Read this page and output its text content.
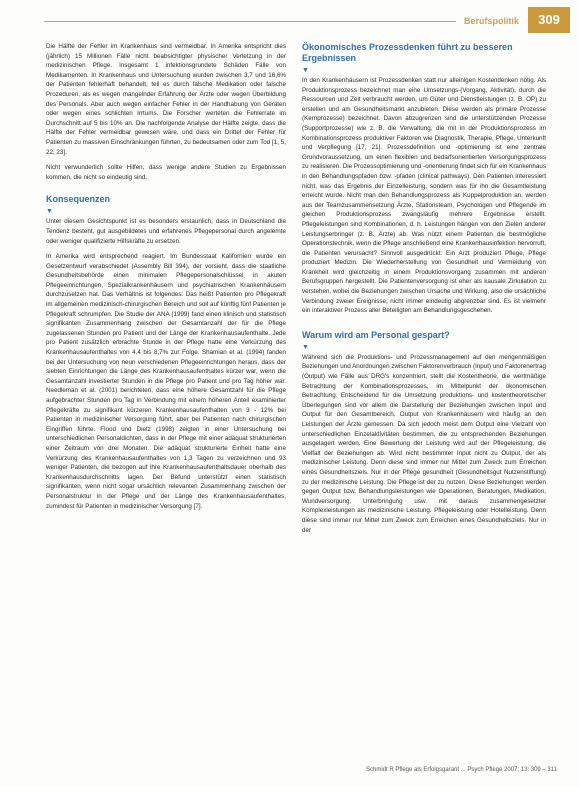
Berufspolitik	309

Die Hälfte der Fehler im Krankenhaus sind vermeidbar. In Amerika entspricht dies (jährlich) 15 Millionen Fälle nicht beabsichtigter physischer Verletzung in der medizinischen Pflege. Insgesamt 1 infektionsgrundete Schäden Fälle von Medikamenten. In Krankenhaus und Untersuchung wurden zwischen 3,7 und 16,6% der Patienten fehlerhaft behandelt, teil es durch falsche Medikation oder falsche Prozeduren, als es wegen mangelnder Erfahrung der Ärzte oder wegen Überbildung des Personals. Aber auch wegen einfacher Fehler in der Handhabung von Geräten oder wegen eines schlichten Irrtums. Die Forscher werteten die Fehlerrate im Durchschnitt auf 5 bis 10% an. Die nachfolgende Analyse der Hälfte zeigte, dass die Hälfte der Fehler vermeidbar gewesen wäre, und dass ein Drittel der Fehler für Patienten zu massiven Einschränkungen führten, zu bedeutsamen oder zum Tod [1, 5, 22, 23].

Nicht verwunderlich sollte Hilfen, dass wenige andere Studien zu Ergebnissen kommen, die nicht so eindeutig sind.

Konsequenzen
▼

Unter diesem Gesichtspunkt ist es besonders erstaunlich, dass in Deutschland die Tendenz besteht, gut ausgebildetes und erfahrenes Pflegepersonal durch angelernte oder weniger qualifizierte Hilfskräfte zu ersetzen.

In Amerika wird entsprechend reagiert. Im Bundesstaat Kalifornien wurde ein Gesetzentwurf verabschiedet (Assembly Bill 394), der vorsieht, dass die staatliche Gesundheitsbehörde einen minimalen Pflegepersonalschlüssel in akuten Pflegeeinrichtungen, Spezialkrankenhäusern und psychiatrischen Krankenhäusern durchzusetzen hat. Das Verhältnis ist folgendes: Das heißt Patienten pro Pflegekraft im allgemeinen medizinisch-chirurgischen Bereich und soll auf künftig fünf Patienten je Pflegekraft schrumpfen. Die Studie der ANA (1999) fand einen klinisch und statistisch signifikanten Zusammenhang zwischen der Gesamtanzahl der für die Pflege zugelassenen Stunden pro Patient und der Länge der Krankenhausaufenthalte. Jede pro Patient zusätzlich erbrachte Stunde in der Pflege hatte eine Verkürzung des Krankenhausaufenthaltes von 4,4 bis 8,7% zur Folge. Shamian et al. (1994) fanden bei der Untersuchung von neun verschiedenen Pflegeeinrichtungen heraus, dass der siebten Einrichtungen die Länge des Krankenhausaufenthaltes kürzer war, wenn die Gesamtanzahl investierter Stunden in die Pflege pro Patient und pro Tag höher war. Needleman et al. (2001) berichteten, dass eine höhere Gesamtzahl für die Pflege aufgebrachter Stunden pro Tag in Verbindung mit einem höheren Anteil examinierter Pflegekräfte zu signifikant kürzeren Krankenhausaufenthalten von 3 - 12% bei Patienten in medizinischer Versorgung führt, aber bei Patienten nach chirurgischen Eingriffen führte. Flood und Dietz (1998) zeigten in einer Untersuchung bei unterschiedlichen Personaldichten, dass in der Pflege mit einer adäquat strukturierten einer Zeitraum von drei Monaten. Die adäquat strukturierte Einheit hatte eine Verkürzung des Krankenhausaufenthaltes von 1,3 Tagen zu verzeichnen und 93 weniger Patienten, die bezogen auf ihre Krankenhausaufenthaltsdauer oberhalb des Krankenhausdurchschnitts lagen. Der Befund unterstützt einen statistisch signifikanten, wenn nicht sogar ursächlich relevanten Zusammenhang zwischen der Personalstruktur in der Pflege und der Länge des Krankenhausaufenthaltes, zumindest für Patienten in medizinischer Versorgung [7].

Ökonomisches Prozessdenken führt zu besseren Ergebnissen
▼

In den Krankenhäusern ist Prozessdenken statt nur alleinigen Kostendenken nötig. Als Produktionsprozess bezeichnet man eine Umsetzungs-(Vorgang, Aktivität), durch die Ressourcen und Zeit verbraucht werden, um Güter und Dienstleistungen (z. B. OP) zu erstellen und am Gesundheitsmarkt anzubieten. Diese werden als primäre Prozesse (Kernprozesse) bezeichnet. Davon abzugrenzen sind die unterstützenden Prozesse (Supportprozesse) wie z. B. die Verwaltung, die mit in der Produktionsprozess im Kombinationsprozess produktiver Faktoren wie Diagnostik, Therapie, Pflege, Unterkunft und Verpflegung [17, 21]. Prozessdefinition und -optimierung ist eine zentrale Grundvoraussetzung, um einen flexiblen und bedarfsorientierten Versorgungsprozess zu realisieren. Die Prozessoptimierung und -orientierung findet sich für ein Krankenhaus in den Behandlungspfaden bzw. -pfaden (clinical pathways). Den Patienten interessiert nicht, was das Ergebnis der Einzelleistung, sondern was für ihn die Gesamtleistung erreicht wurde. Nicht man den Behandlungsprozess als Kuppelproduktion an, werden aus der Teamzusammensetzung Ärzte, Stationsteam, Psychologen und Pflegende im gleichen Produktionsprozess zwangsläufig mehrere Ergebnisse erstellt. Pflegeleistungen sind Kombinationen, d. h. Leistungen hängen von den Zielen anderer Leistungserbringer (z. B. Ärzte) ab. Was nützt einem Patienten die bestmögliche Operationstechnik, wenn die Pflege anschließend eine Krankenhausinfektion hervorruft, die Patienten verursacht? Sinnvoll ausgedrückt: Ein Arzt produziert Pflege, Pflege produziert Medizin. Die Wiederherstellung von Gesundheit und Vermeidung von Krankheit wird gleichzeitig in einem Produktionsvorgang zusammen mit anderen Berufsgruppen hergestellt. Die Patientenversorgung ist eher als kausale Zirkulation zu verstehen, wobei die Beziehungen zwischen Ursache und Wirkung, also die ursächliche Verbindung zweier Ereignisse, nicht immer eindeutig abgrenzbar sind. Es ist vielmehr ein interaktiver Prozess aller Beteiligten am Behandlungsgeschehen.

Warum wird am Personal gespart?
▼

Während sich die Produktions- und Prozessmanagement auf den mengenmäßigen Beziehungen und Anordnungen zwischen Faktorenverbrauch (Input) und Faktorenertrag (Output) wie Fälle aus DRG's konzentriert, stellt die Kostentheorie, die wertmäßige Betrachtung der Kombinationsprozesses, im Mittelpunkt der ökonomischen Betrachtung. Entscheidend für die Umsetzung produktions- und kostentheoretischer Überlegungen sind vor allem die Darstellung der Beziehungen zwischen Input und Output für den Gesamtbereich, Output von Krankenhäusern wird häufig an den Leistungen der Ärzte gemessen. Da sich jedoch meist dem Output eine Vielzahl von unterschiedlichen Einzelaktivitäten bestimmen, die zu entsprechenden Beziehungen ausgelagert werden. Eine Bewertung der Leistung wird auf der Pflegeleistung, die Vielfalt der Beziehungen ab. Wird nicht bestimmter Input nicht zu Output, der als medizinischer Leistung. Denn diese sind immer nur Mittel zum Zweck zum Erreichen eines Gesundheitsziels. Nur in der Pflege gesundheit (Gesundheitsgut Nutzenstiftung) zu der medizinische Leistung. Die Pflege ist der zu nutzen. Diese Beziehungen werden gegen Output bzw. Behandlungsleistungen wie Operationen, Beratungen, Medikation, Wundversorgung, Unterbringung usw. mit daraus zusammengesetzter Komplexleistungen als medizinische Leistung. Pflegeleistung oder Hotelleistung. Denn diese sind immer nur Mittel zum Zweck zum Erreichen eines Gesundheitsziels. Nur in der

Schmidt R Pflege als Erfolgsgarant ... Psych Pflege 2007; 13: 309 – 311
